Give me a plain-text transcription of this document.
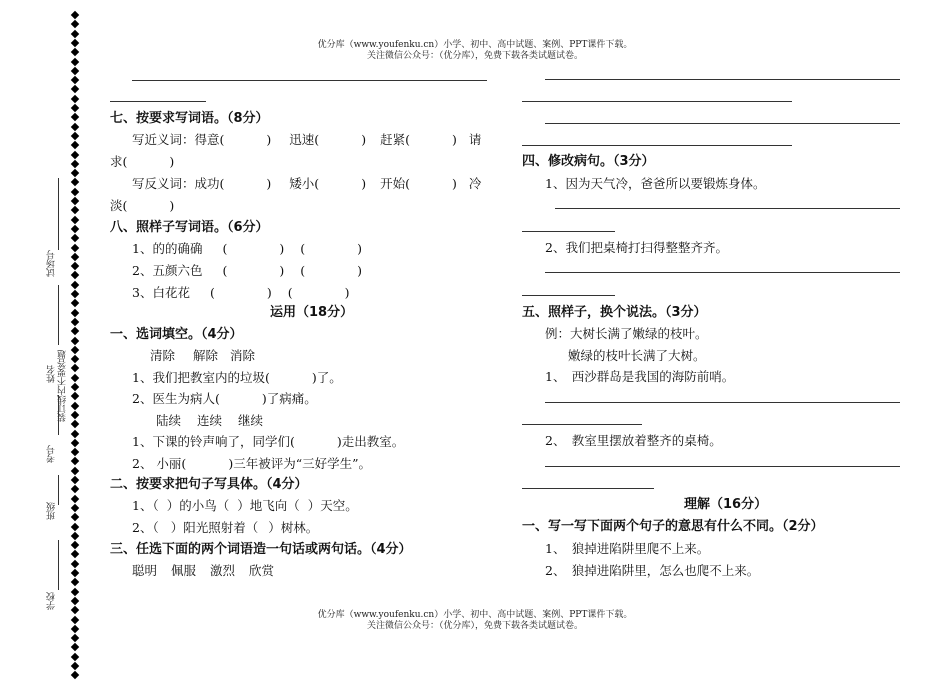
优分库（www.youfenku.cn）小学、初中、高中试题、案例、PPT课件下载。
关注微信公众号：（优分库），免费下载各类试题试卷。
试场号
姓名 装订线内不要答题
考号
班级
学校
七、按要求写词语。（8分）
写近义词：得意(	) 迅速(	) 赶紧(	) 请
求(	)
写反义词：成功(	) 矮小(	) 开始(	) 冷
淡(	)
八、照样子写词语。（6分）
1、的的确确 (	) (	)
2、五颜六色 (	) (	)
3、白花花 (	) (	)
运用（18分）
一、选词填空。（4分）
清除 解除 消除
1、我们把教室内的垃圾(	)了。
2、医生为病人(	)了病痛。
陆续 连续 继续
1、下课的铃声响了，同学们(	)走出教室。
2、 小丽(	)三年被评为“三好学生”。
二、按要求把句子写具体。（4分）
1、（ ）的小鸟（ ）地飞向（ ）天空。
2、（ ）阳光照射着（ ）树林。
三、任选下面的两个词语造一句话或两句话。（4分）
聪明 佩服 激烈 欣赏
四、修改病句。（3分）
1、因为天气冷，爸爸所以要锻炼身体。
2、我们把桌椅打扫得整整齐齐。
五、照样子，换个说法。（3分）
例：大树长满了嫩绿的枝叶。
嫩绿的枝叶长满了大树。
1、　西沙群岛是我国的海防前哨。
2、　教室里摆放着整齐的桌椅。
理解（16分）
一、写一写下面两个句子的意思有什么不同。（2分）
1、　狼掉进陷阱里爬不上来。
2、　狼掉进陷阱里，怎么也爬不上来。
优分库（www.youfenku.cn）小学、初中、高中试题、案例、PPT课件下载。
关注微信公众号：（优分库），免费下载各类试题试卷。
